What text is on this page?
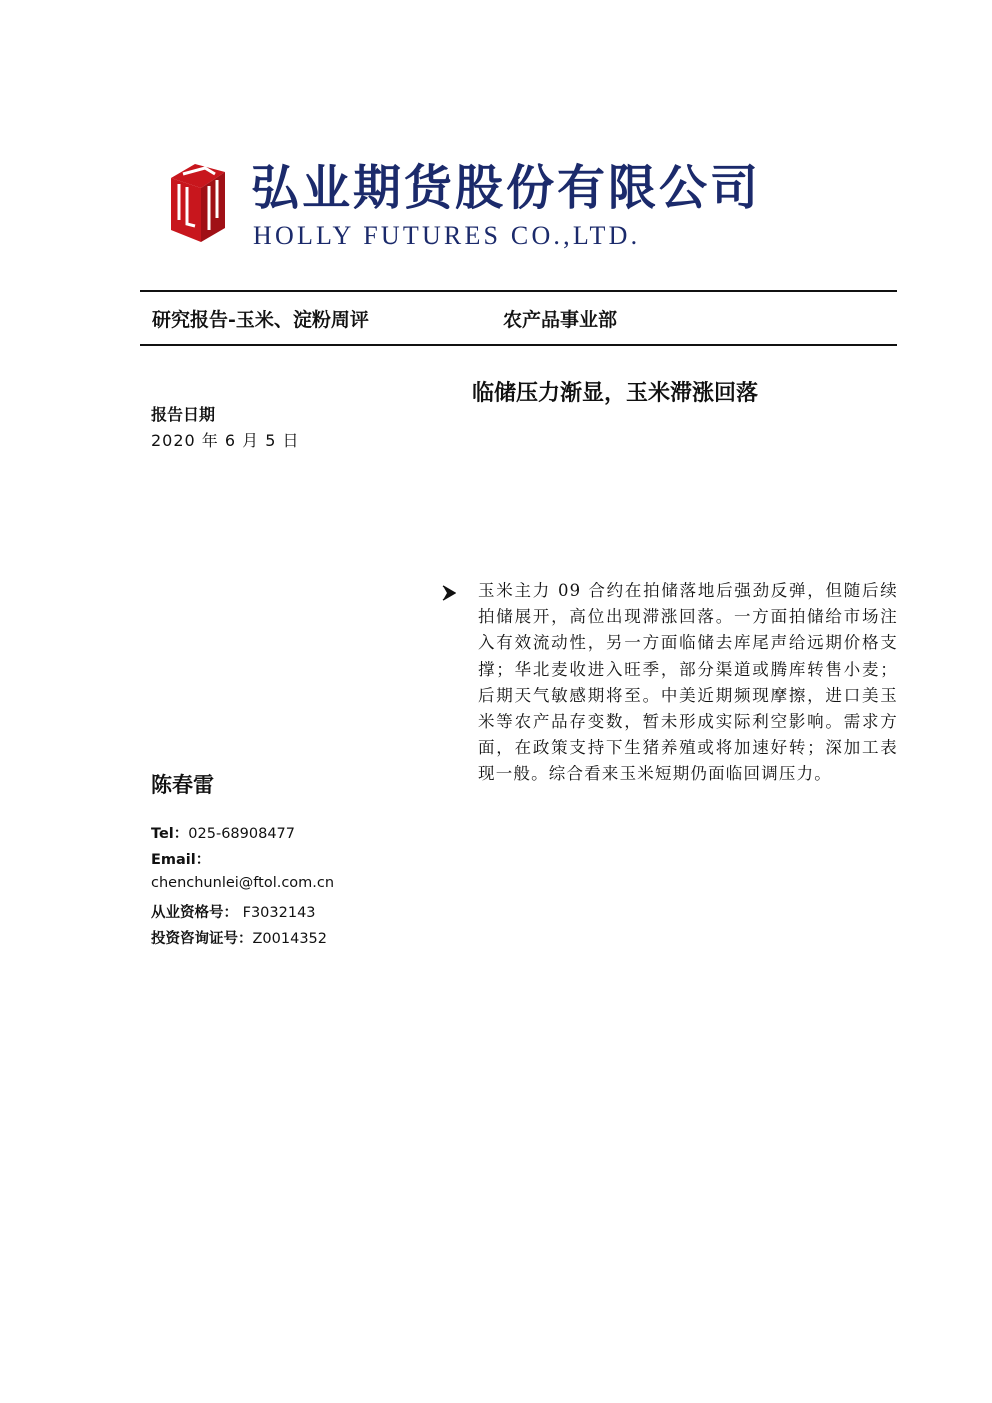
弘业期货股份有限公司
HOLLY FUTURES CO.,LTD.
研究报告-玉米、淀粉周评	农产品事业部
临储压力渐显，玉米滞涨回落
报告日期
2020 年 6 月 5 日
玉米主力 09 合约在拍储落地后强劲反弹，但随后续拍储展开，高位出现滞涨回落。一方面拍储给市场注入有效流动性，另一方面临储去库尾声给远期价格支撑；华北麦收进入旺季，部分渠道或腾库转售小麦；后期天气敏感期将至。中美近期频现摩擦，进口美玉米等农产品存变数，暂未形成实际利空影响。需求方面，在政策支持下生猪养殖或将加速好转；深加工表现一般。综合看来玉米短期仍面临回调压力。
陈春雷
Tel：025-68908477
Email：
chenchunlei@ftol.com.cn
从业资格号： F3032143
投资咨询证号：Z0014352
